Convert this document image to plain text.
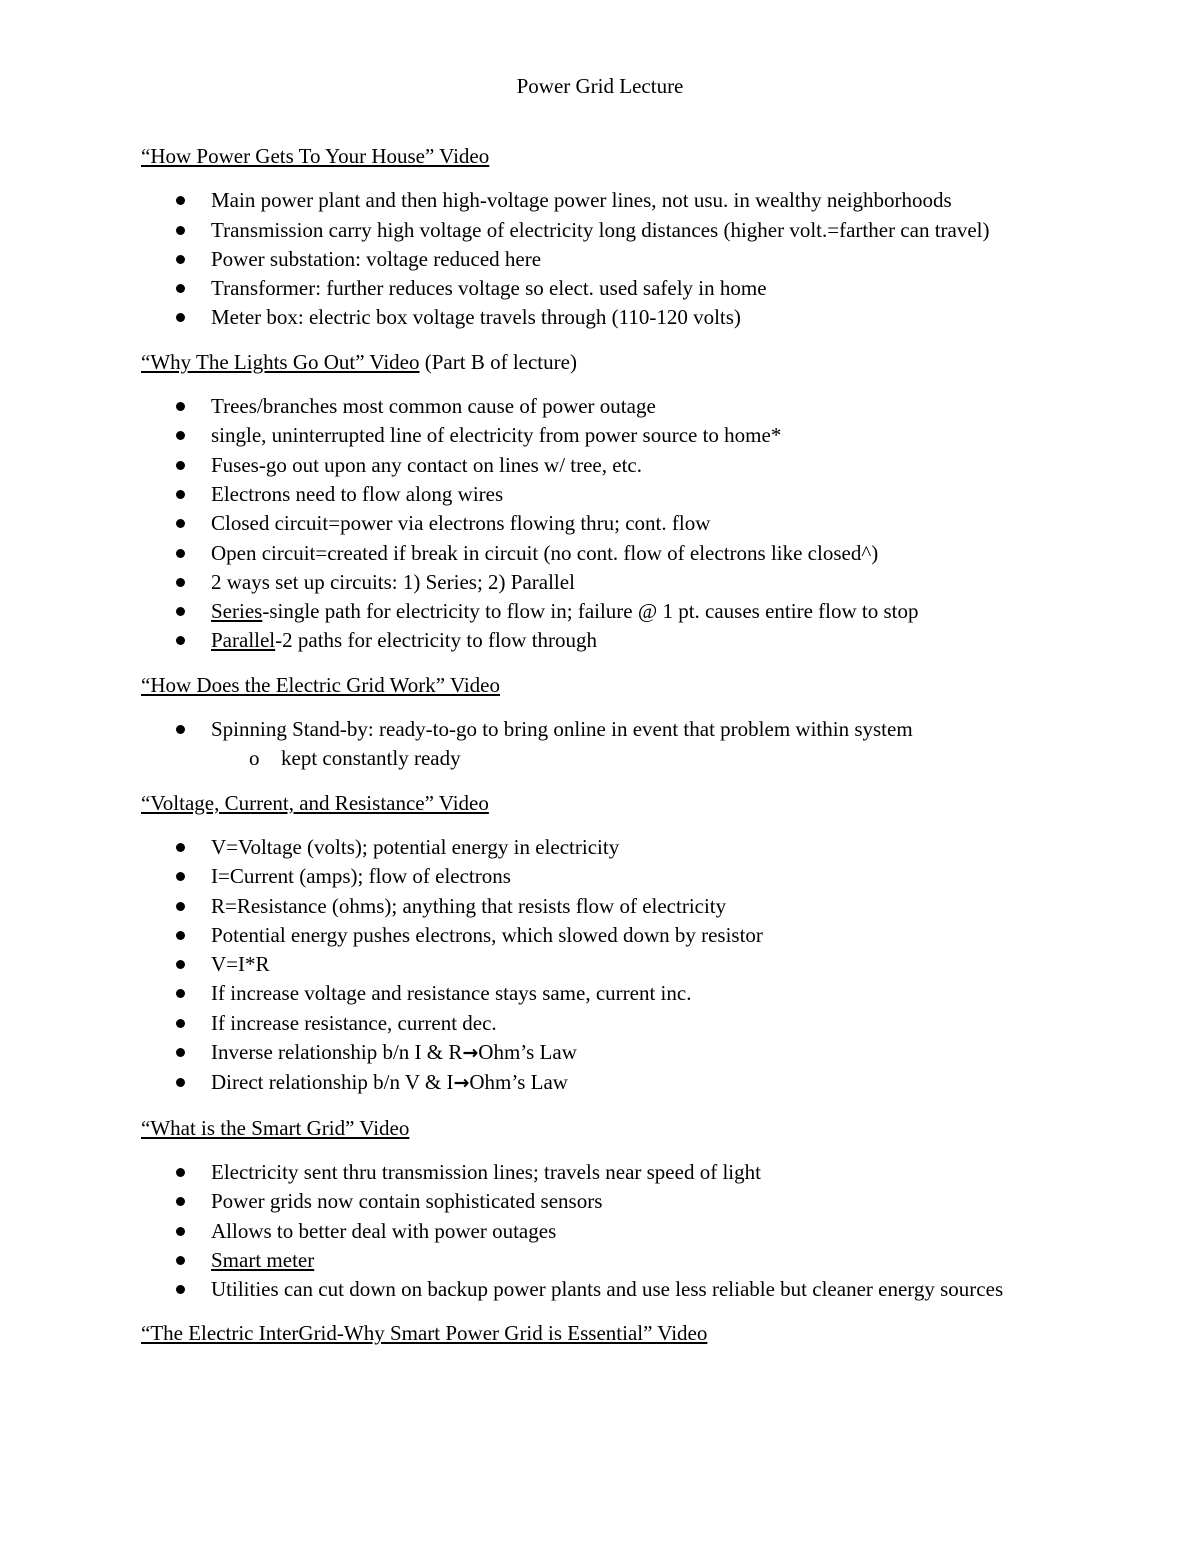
Power Grid Lecture
“How Power Gets To Your House” Video
Main power plant and then high-voltage power lines, not usu. in wealthy neighborhoods
Transmission carry high voltage of electricity long distances (higher volt.=farther can travel)
Power substation: voltage reduced here
Transformer: further reduces voltage so elect. used safely in home
Meter box: electric box voltage travels through (110-120 volts)
“Why The Lights Go Out” Video (Part B of lecture)
Trees/branches most common cause of power outage
single, uninterrupted line of electricity from power source to home*
Fuses-go out upon any contact on lines w/ tree, etc.
Electrons need to flow along wires
Closed circuit=power via electrons flowing thru; cont. flow
Open circuit=created if break in circuit (no cont. flow of electrons like closed^)
2 ways set up circuits: 1) Series; 2) Parallel
Series-single path for electricity to flow in; failure @ 1 pt. causes entire flow to stop
Parallel-2 paths for electricity to flow through
“How Does the Electric Grid Work” Video
Spinning Stand-by: ready-to-go to bring online in event that problem within system
o kept constantly ready
“Voltage, Current, and Resistance” Video
V=Voltage (volts); potential energy in electricity
I=Current (amps); flow of electrons
R=Resistance (ohms); anything that resists flow of electricity
Potential energy pushes electrons, which slowed down by resistor
V=I*R
If increase voltage and resistance stays same, current inc.
If increase resistance, current dec.
Inverse relationship b/n I & R→Ohm’s Law
Direct relationship b/n V & I→Ohm’s Law
“What is the Smart Grid” Video
Electricity sent thru transmission lines; travels near speed of light
Power grids now contain sophisticated sensors
Allows to better deal with power outages
Smart meter
Utilities can cut down on backup power plants and use less reliable but cleaner energy sources
“The Electric InterGrid-Why Smart Power Grid is Essential” Video
